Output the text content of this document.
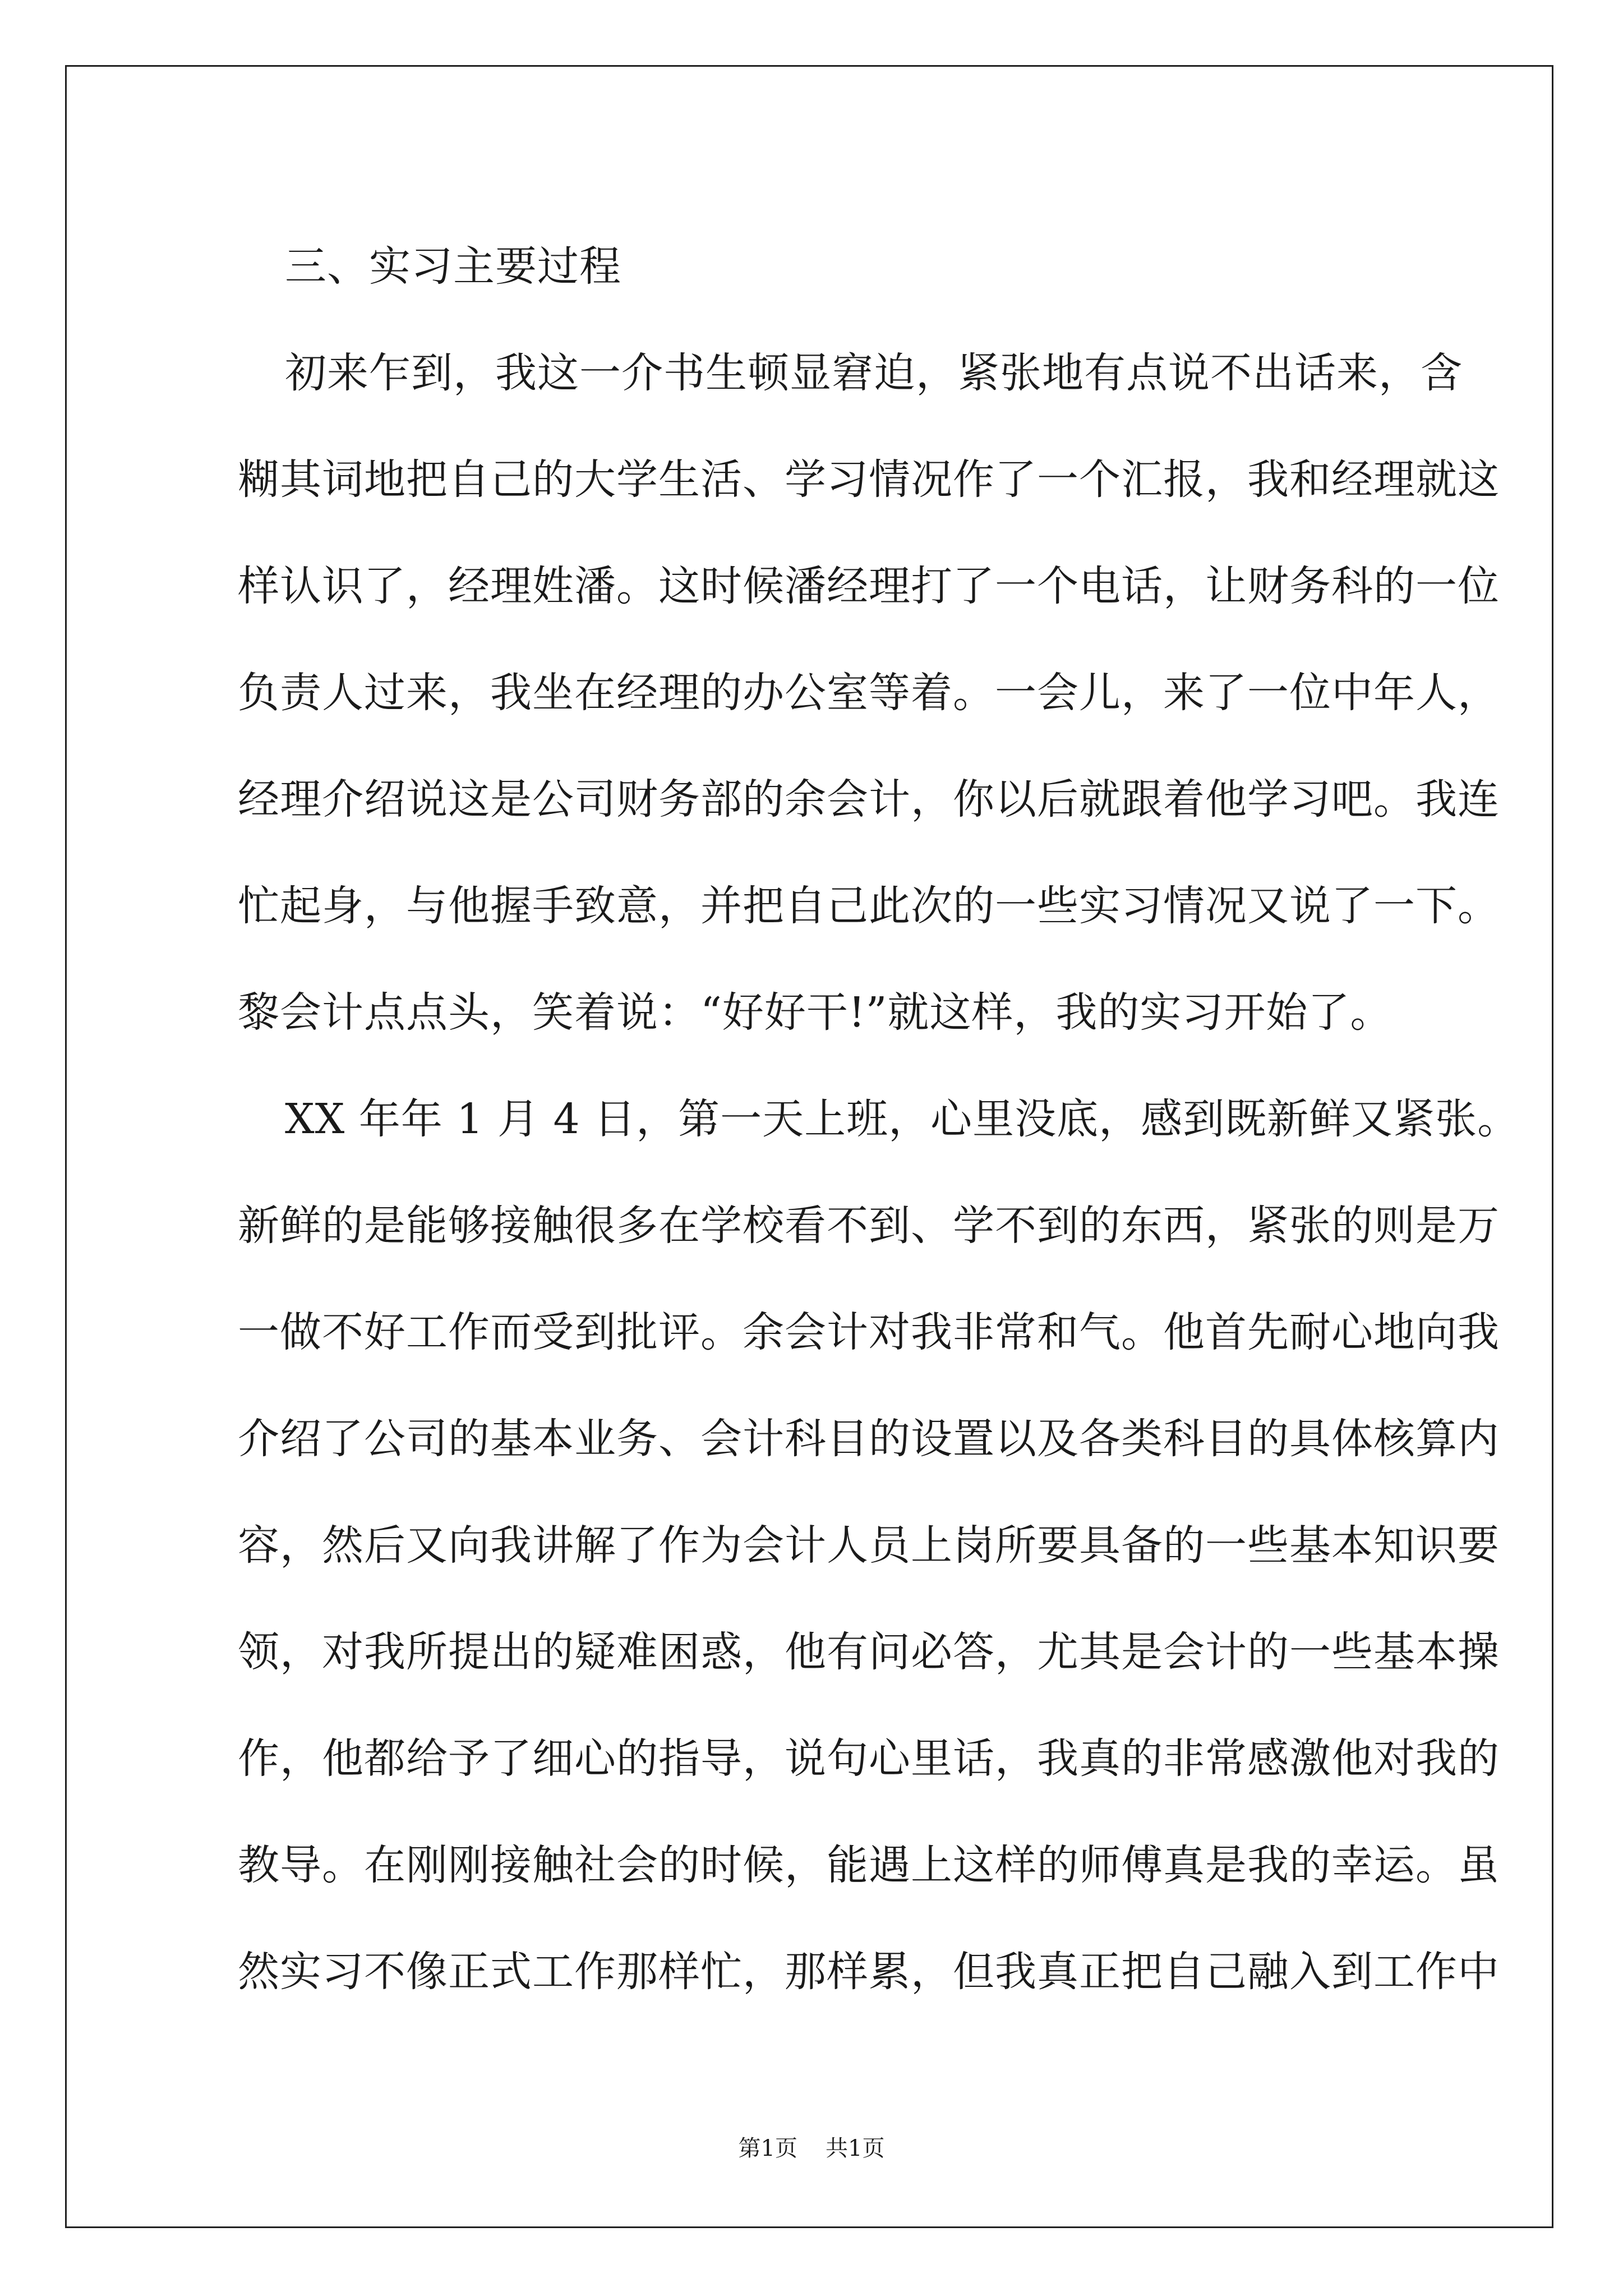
三、实习主要过程
初来乍到，我这一介书生顿显窘迫，紧张地有点说不出话来，含
糊其词地把自己的大学生活、学习情况作了一个汇报，我和经理就这
样认识了，经理姓潘。这时候潘经理打了一个电话，让财务科的一位
负责人过来，我坐在经理的办公室等着。一会儿，来了一位中年人，
经理介绍说这是公司财务部的余会计，你以后就跟着他学习吧。我连
忙起身，与他握手致意，并把自己此次的一些实习情况又说了一下。
黎会计点点头，笑着说：“好好干!”就这样，我的实习开始了。
XX 年年 1 月 4 日，第一天上班，心里没底，感到既新鲜又紧张。
新鲜的是能够接触很多在学校看不到、学不到的东西，紧张的则是万
一做不好工作而受到批评。余会计对我非常和气。他首先耐心地向我
介绍了公司的基本业务、会计科目的设置以及各类科目的具体核算内
容，然后又向我讲解了作为会计人员上岗所要具备的一些基本知识要
领，对我所提出的疑难困惑，他有问必答，尤其是会计的一些基本操
作，他都给予了细心的指导，说句心里话，我真的非常感激他对我的
教导。在刚刚接触社会的时候，能遇上这样的师傅真是我的幸运。虽
然实习不像正式工作那样忙，那样累，但我真正把自己融入到工作中
第1页 共1页
